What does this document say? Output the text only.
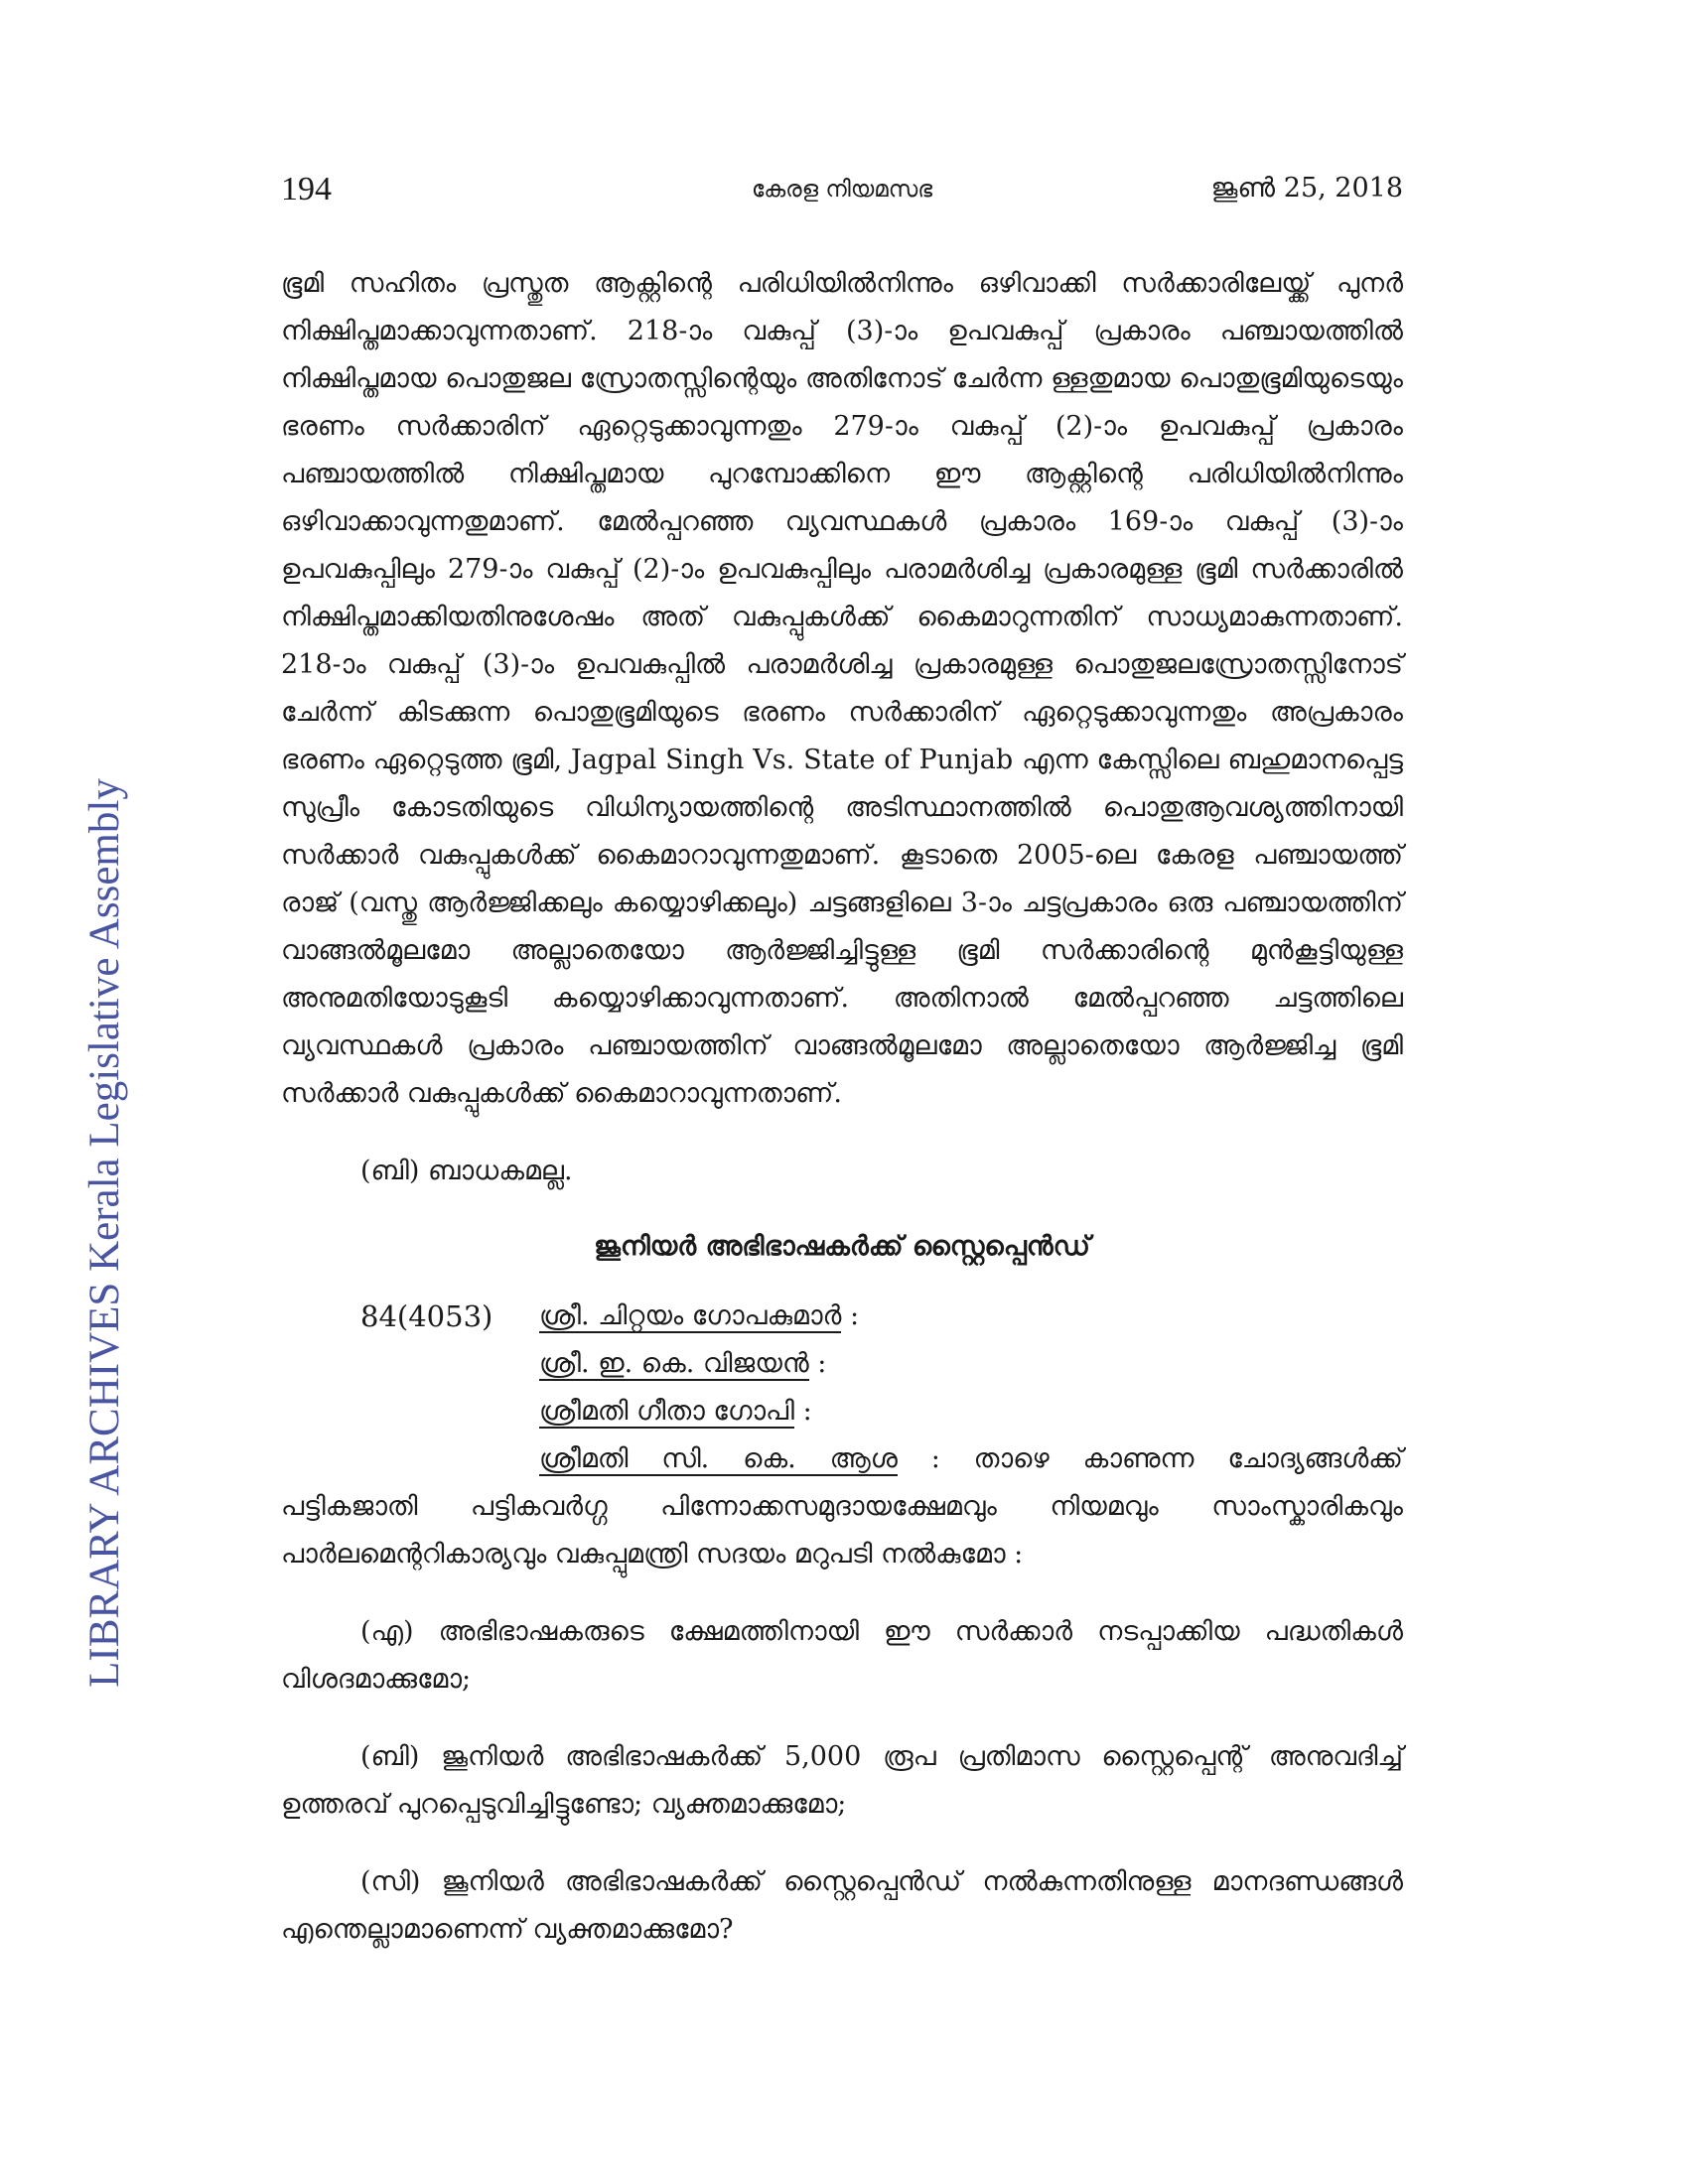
LIBRARY ARCHIVES Kerala Legislative Assembly
194	കേരള നിയമസഭ	ജൂൺ 25, 2018

ഭൂമി സഹിതം പ്രസ്തുത ആക്റ്റിന്റെ പരിധിയിൽനിന്നും ഒഴിവാക്കി സർക്കാരിലേയ്ക്ക് പുനർ നിക്ഷിപ്തമാക്കാവുന്നതാണ്. 218-ാം വകുപ്പ് (3)-ാം ഉപവകുപ്പ് പ്രകാരം പഞ്ചായത്തിൽ നിക്ഷിപ്തമായ പൊതുജല സ്രോതസ്സിന്റെയും അതിനോട് ചേർന്ന ള്ളതുമായ പൊതുഭൂമിയുടെയും ഭരണം സർക്കാരിന് ഏറ്റെടുക്കാവുന്നതും 279-ാം വകുപ്പ് (2)-ാം ഉപവകുപ്പ് പ്രകാരം പഞ്ചായത്തിൽ നിക്ഷിപ്തമായ പുറമ്പോക്കിനെ ഈ ആക്റ്റിന്റെ പരിധിയിൽനിന്നും ഒഴിവാക്കാവുന്നതുമാണ്. മേൽപ്പറഞ്ഞ വ്യവസ്ഥകൾ പ്രകാരം 169-ാം വകുപ്പ് (3)-ാം ഉപവകുപ്പിലും 279-ാം വകുപ്പ് (2)-ാം ഉപവകുപ്പിലും പരാമർശിച്ച പ്രകാരമുള്ള ഭൂമി സർക്കാരിൽ നിക്ഷിപ്തമാക്കിയതിനുശേഷം അത് വകുപ്പുകൾക്ക് കൈമാറുന്നതിന് സാധ്യമാകുന്നതാണ്. 218-ാം വകുപ്പ് (3)-ാം ഉപവകുപ്പിൽ പരാമർശിച്ച പ്രകാരമുള്ള പൊതുജലസ്രോതസ്സിനോട് ചേർന്ന് കിടക്കുന്ന പൊതുഭൂമിയുടെ ഭരണം സർക്കാരിന് ഏറ്റെടുക്കാവുന്നതും അപ്രകാരം ഭരണം ഏറ്റെടുത്ത ഭൂമി, Jagpal Singh Vs. State of Punjab എന്ന കേസ്സിലെ ബഹുമാനപ്പെട്ട സുപ്രീം കോടതിയുടെ വിധിന്യായത്തിന്റെ അടിസ്ഥാനത്തിൽ പൊതുആവശ്യത്തിനായി സർക്കാർ വകുപ്പുകൾക്ക് കൈമാറാവുന്നതുമാണ്. കൂടാതെ 2005-ലെ കേരള പഞ്ചായത്ത് രാജ് (വസ്തു ആർജ്ജിക്കലും കയ്യൊഴിക്കലും) ചട്ടങ്ങളിലെ 3-ാം ചട്ടപ്രകാരം ഒരു പഞ്ചായത്തിന് വാങ്ങൽമൂലമോ അല്ലാതെയോ ആർജ്ജിച്ചിട്ടുള്ള ഭൂമി സർക്കാരിന്റെ മുൻകൂട്ടിയുള്ള അനുമതിയോടുകൂടി കയ്യൊഴിക്കാവുന്നതാണ്. അതിനാൽ മേൽപ്പറഞ്ഞ ചട്ടത്തിലെ വ്യവസ്ഥകൾ പ്രകാരം പഞ്ചായത്തിന് വാങ്ങൽമൂലമോ അല്ലാതെയോ ആർജ്ജിച്ച ഭൂമി സർക്കാർ വകുപ്പുകൾക്ക് കൈമാറാവുന്നതാണ്.

(ബി) ബാധകമല്ല.

ജൂനിയർ അഭിഭാഷകർക്ക് സ്റ്റൈപ്പെൻഡ്
84(4053) ശ്രീ. ചിറ്റയം ഗോപകുമാർ :
ശ്രീ. ഇ. കെ. വിജയൻ :
ശ്രീമതി ഗീതാ ഗോപി :
ശ്രീമതി സി. കെ. ആശ : താഴെ കാണുന്ന ചോദ്യങ്ങൾക്ക്

പട്ടികജാതി പട്ടികവർഗ്ഗ പിന്നോക്കസമുദായക്ഷേമവും നിയമവും സാംസ്കാരികവും പാർലമെന്ററികാര്യവും വകുപ്പുമന്ത്രി സദയം മറുപടി നൽകുമോ :

(എ) അഭിഭാഷകരുടെ ക്ഷേമത്തിനായി ഈ സർക്കാർ നടപ്പാക്കിയ പദ്ധതികൾ വിശദമാക്കുമോ;

(ബി) ജൂനിയർ അഭിഭാഷകർക്ക് 5,000 രൂപ പ്രതിമാസ സ്റ്റൈപ്പെന്റ് അനുവദിച്ച് ഉത്തരവ് പുറപ്പെടുവിച്ചിട്ടുണ്ടോ; വ്യക്തമാക്കുമോ;

(സി) ജൂനിയർ അഭിഭാഷകർക്ക് സ്റ്റൈപ്പെൻഡ് നൽകുന്നതിനുള്ള മാനദണ്ഡങ്ങൾ എന്തെല്ലാമാണെന്ന് വ്യക്തമാക്കുമോ?
